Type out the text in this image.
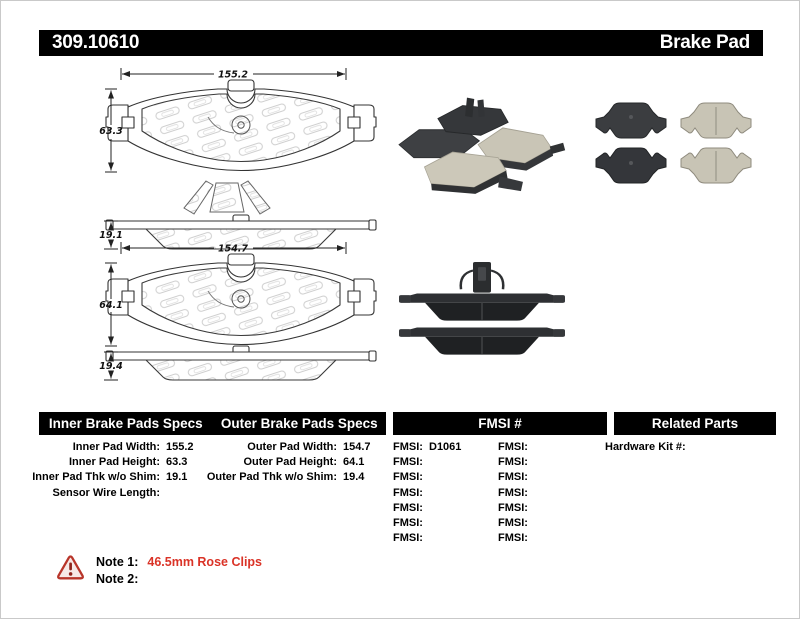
309.10610	Brake Pad
155.2
63.3
19.1
154.7
64.1
19.4
Inner Brake Pads Specs	Outer Brake Pads Specs	FMSI #	Related Parts
Inner Pad Width: 155.2
Inner Pad Height: 63.3
Inner Pad Thk w/o Shim: 19.1
Sensor Wire Length:
Outer Pad Width: 154.7
Outer Pad Height: 64.1
Outer Pad Thk w/o Shim: 19.4
FMSI: D1061
FMSI:
FMSI:
FMSI:
FMSI:
FMSI:
FMSI:
FMSI:
FMSI:
FMSI:
FMSI:
FMSI:
FMSI:
FMSI:
Hardware Kit #:
Note 1: 46.5mm Rose Clips
Note 2:
